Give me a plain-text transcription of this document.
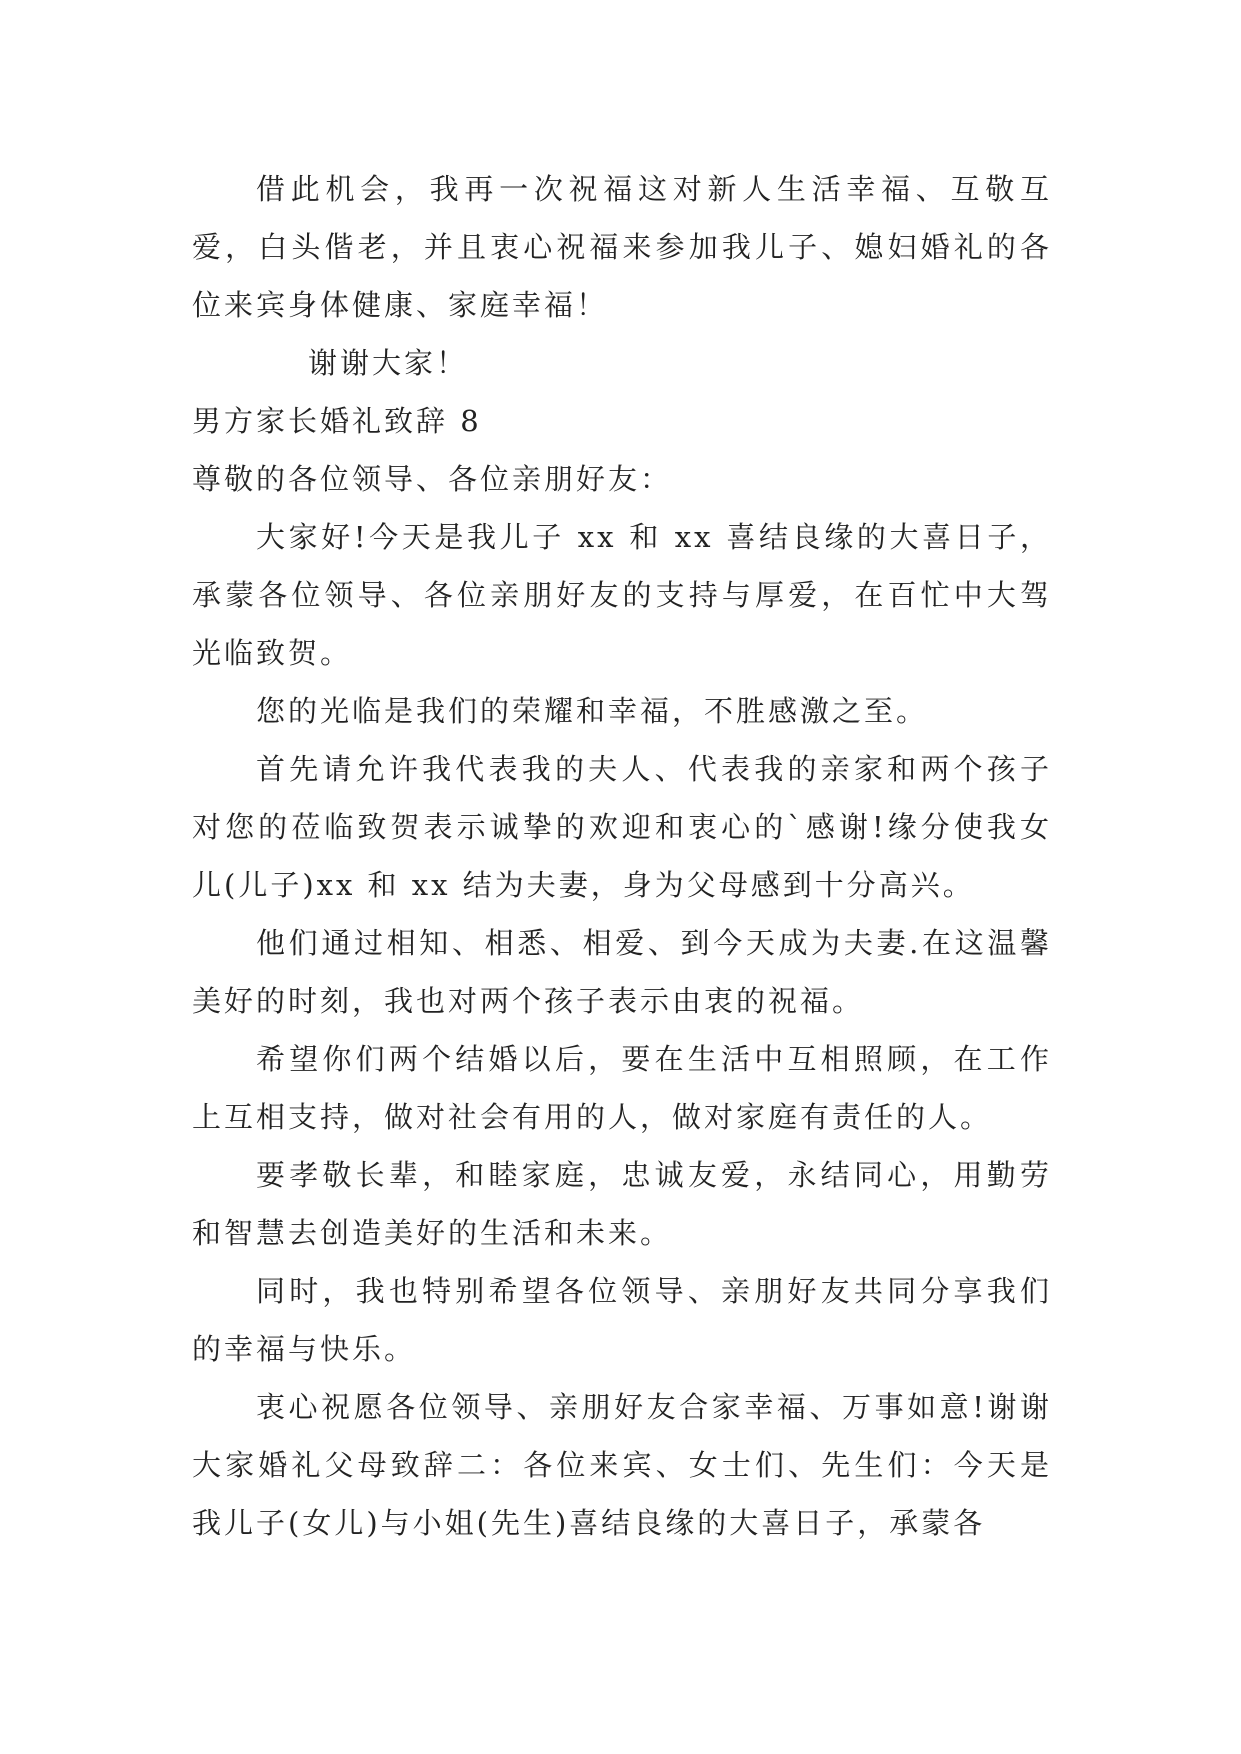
借此机会，我再一次祝福这对新人生活幸福、互敬互爱，白头偕老，并且衷心祝福来参加我儿子、媳妇婚礼的各位来宾身体健康、家庭幸福！

谢谢大家！

男方家长婚礼致辞 8

尊敬的各位领导、各位亲朋好友：

大家好!今天是我儿子 xx 和 xx 喜结良缘的大喜日子，承蒙各位领导、各位亲朋好友的支持与厚爱，在百忙中大驾光临致贺。

您的光临是我们的荣耀和幸福，不胜感激之至。

首先请允许我代表我的夫人、代表我的亲家和两个孩子对您的莅临致贺表示诚挚的欢迎和衷心的`感谢!缘分使我女儿(儿子)xx 和 xx 结为夫妻，身为父母感到十分高兴。

他们通过相知、相悉、相爱、到今天成为夫妻.在这温馨美好的时刻，我也对两个孩子表示由衷的祝福。

希望你们两个结婚以后，要在生活中互相照顾，在工作上互相支持，做对社会有用的人，做对家庭有责任的人。

要孝敬长辈，和睦家庭，忠诚友爱，永结同心，用勤劳和智慧去创造美好的生活和未来。

同时，我也特别希望各位领导、亲朋好友共同分享我们的幸福与快乐。

衷心祝愿各位领导、亲朋好友合家幸福、万事如意!谢谢大家婚礼父母致辞二：各位来宾、女士们、先生们：今天是我儿子(女儿)与小姐(先生)喜结良缘的大喜日子，承蒙各
